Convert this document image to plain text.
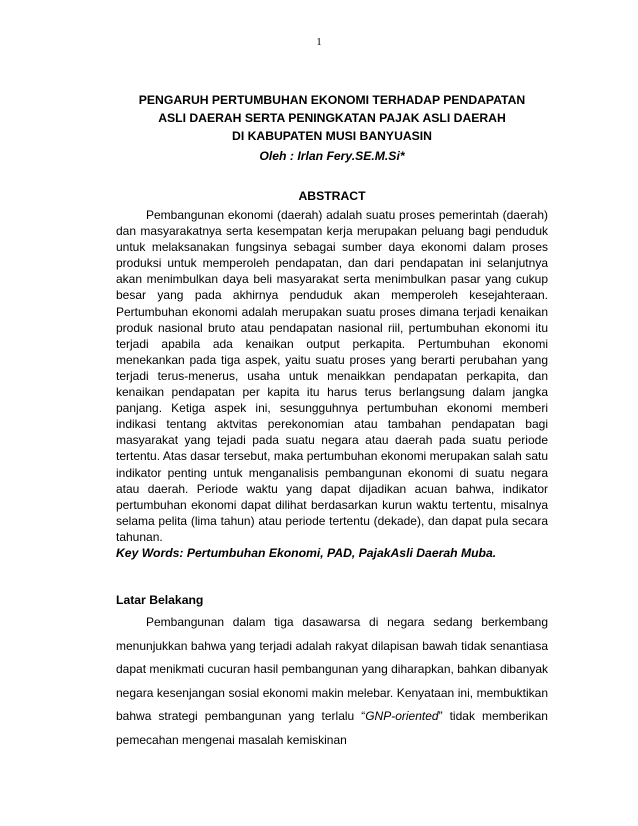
1
PENGARUH PERTUMBUHAN EKONOMI TERHADAP PENDAPATAN
ASLI DAERAH SERTA PENINGKATAN PAJAK ASLI DAERAH
DI KABUPATEN MUSI BANYUASIN
Oleh : Irlan Fery.SE.M.Si*
ABSTRACT

Pembangunan ekonomi (daerah) adalah suatu proses pemerintah (daerah) dan masyarakatnya serta kesempatan kerja merupakan peluang bagi penduduk untuk melaksanakan fungsinya sebagai sumber daya ekonomi dalam proses produksi untuk memperoleh pendapatan, dan dari pendapatan ini selanjutnya akan menimbulkan daya beli masyarakat serta menimbulkan pasar yang cukup besar yang pada akhirnya penduduk akan memperoleh kesejahteraan. Pertumbuhan ekonomi adalah merupakan suatu proses dimana terjadi kenaikan produk nasional bruto atau pendapatan nasional riil, pertumbuhan ekonomi itu terjadi apabila ada kenaikan output perkapita. Pertumbuhan ekonomi menekankan pada tiga aspek, yaitu suatu proses yang berarti perubahan yang terjadi terus-menerus, usaha untuk menaikkan pendapatan perkapita, dan kenaikan pendapatan per kapita itu harus terus berlangsung dalam jangka panjang. Ketiga aspek ini, sesungguhnya pertumbuhan ekonomi memberi indikasi tentang aktvitas perekonomian atau tambahan pendapatan bagi masyarakat yang tejadi pada suatu negara atau daerah pada suatu periode tertentu. Atas dasar tersebut, maka pertumbuhan ekonomi merupakan salah satu indikator penting untuk menganalisis pembangunan ekonomi di suatu negara atau daerah. Periode waktu yang dapat dijadikan acuan bahwa, indikator pertumbuhan ekonomi dapat dilihat berdasarkan kurun waktu tertentu, misalnya selama pelita (lima tahun) atau periode tertentu (dekade), dan dapat pula secara tahunan.

Key Words: Pertumbuhan Ekonomi, PAD, PajakAsli Daerah Muba.
Latar Belakang

Pembangunan dalam tiga dasawarsa di negara sedang berkembang menunjukkan bahwa yang terjadi adalah rakyat dilapisan bawah tidak senantiasa dapat menikmati cucuran hasil pembangunan yang diharapkan, bahkan dibanyak negara kesenjangan sosial ekonomi makin melebar. Kenyataan ini, membuktikan bahwa strategi pembangunan yang terlalu “GNP-oriented” tidak memberikan pemecahan mengenai masalah kemiskinan
